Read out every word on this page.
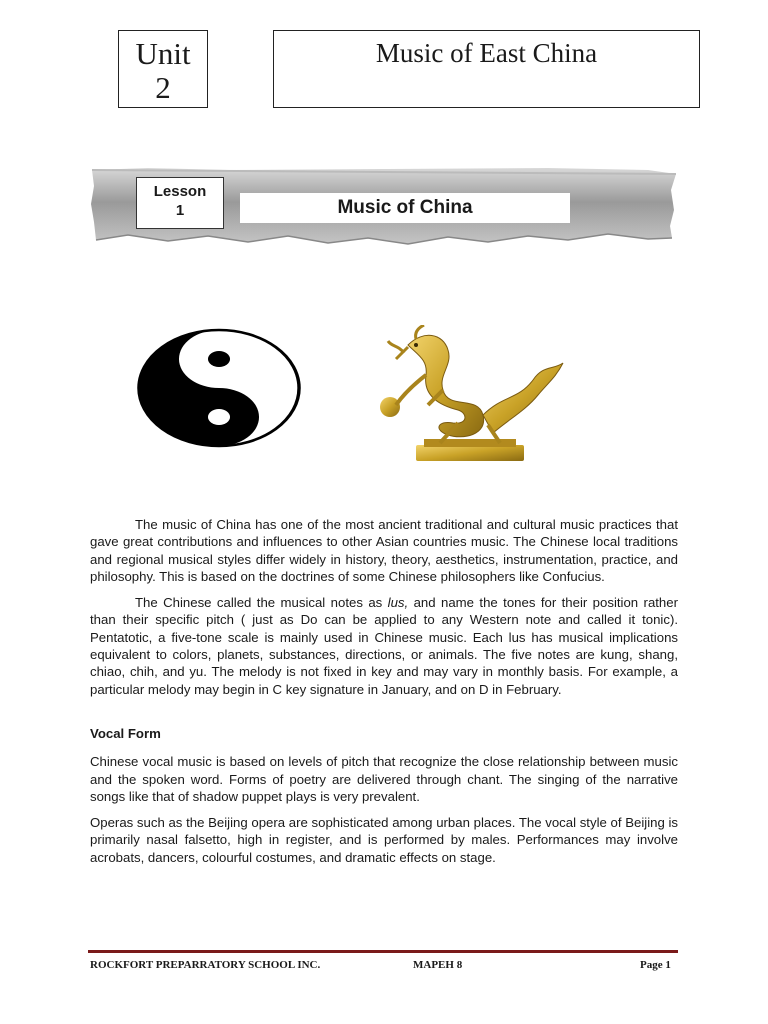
Unit
2
Music of East China
Lesson
1	Music of China

The music of China has one of the most ancient traditional and cultural music practices that gave great contributions and influences to other Asian countries music. The Chinese local traditions and regional musical styles differ widely in history, theory, aesthetics, instrumentation, practice, and philosophy. This is based on the doctrines of some Chinese philosophers like Confucius.

The Chinese called the musical notes as lus, and name the tones for their position rather than their specific pitch ( just as Do can be applied to any Western note and called it tonic). Pentatotic, a five-tone scale is mainly used in Chinese music. Each lus has musical implications equivalent to colors, planets, substances, directions, or animals. The five notes are kung, shang, chiao, chih, and yu. The melody is not fixed in key and may vary in monthly basis. For example, a particular melody may begin in C key signature in January, and on D in February.

Vocal Form

Chinese vocal music is based on levels of pitch that recognize the close relationship between music and the spoken word. Forms of poetry are delivered through chant. The singing of the narrative songs like that of shadow puppet plays is very prevalent.

Operas such as the Beijing opera are sophisticated among urban places. The vocal style of Beijing is primarily nasal falsetto, high in register, and is performed by males. Performances may involve acrobats, dancers, colourful costumes, and dramatic effects on stage.

ROCKFORT PREPARRATORY SCHOOL INC.	MAPEH 8	Page 1
